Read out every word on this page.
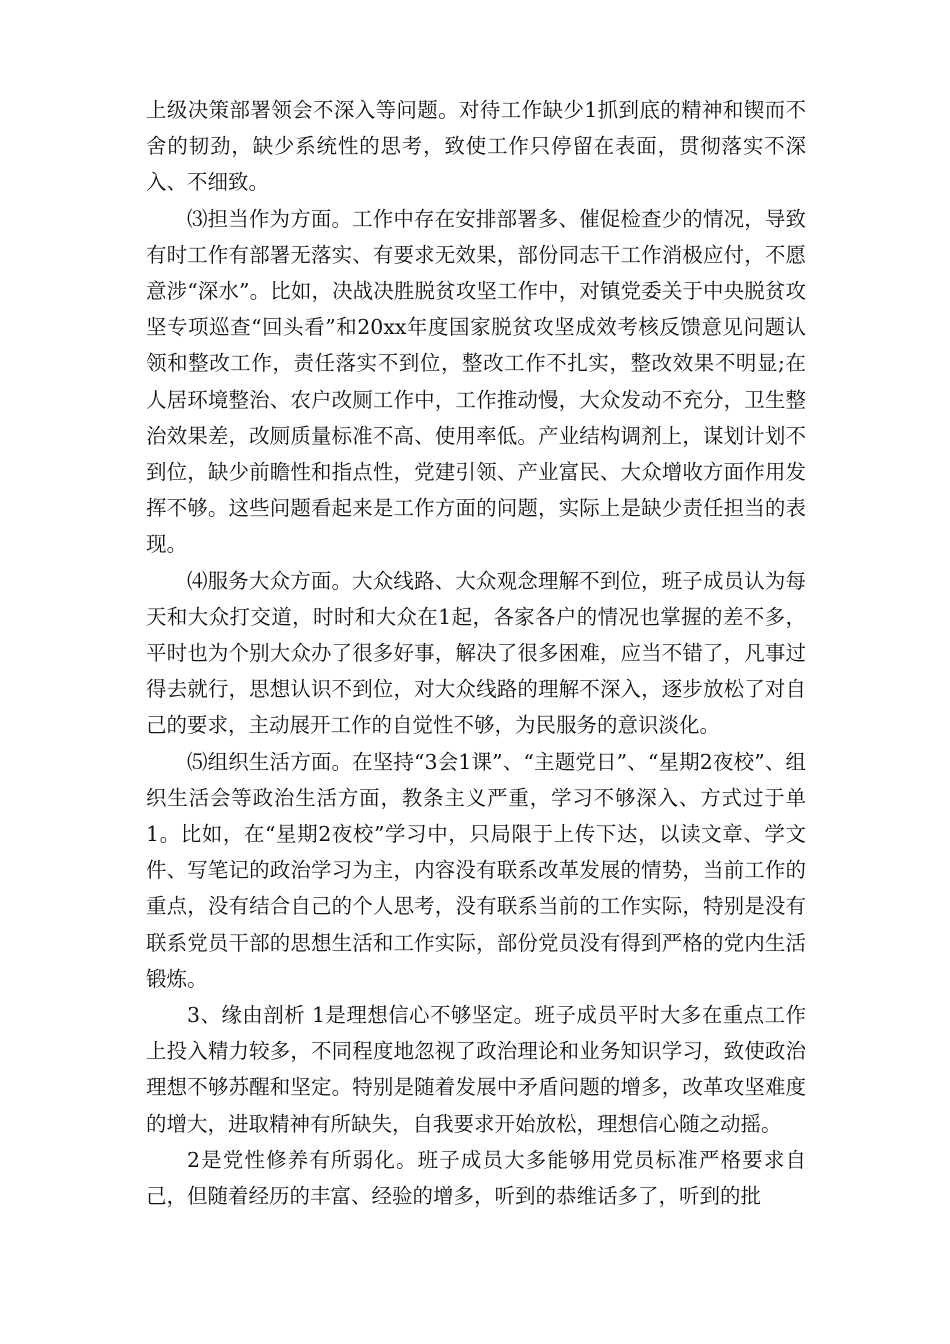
上级决策部署领会不深入等问题。对待工作缺少1抓到底的精神和锲而不舍的韧劲，缺少系统性的思考，致使工作只停留在表面，贯彻落实不深入、不细致。

⑶担当作为方面。工作中存在安排部署多、催促检查少的情况，导致有时工作有部署无落实、有要求无效果，部份同志干工作消极应付，不愿意涉“深水”。比如，决战决胜脱贫攻坚工作中，对镇党委关于中央脱贫攻坚专项巡查“回头看”和20xx年度国家脱贫攻坚成效考核反馈意见问题认领和整改工作，责任落实不到位，整改工作不扎实，整改效果不明显;在人居环境整治、农户改厕工作中，工作推动慢，大众发动不充分，卫生整治效果差，改厕质量标准不高、使用率低。产业结构调剂上，谋划计划不到位，缺少前瞻性和指点性，党建引领、产业富民、大众增收方面作用发挥不够。这些问题看起来是工作方面的问题，实际上是缺少责任担当的表现。

⑷服务大众方面。大众线路、大众观念理解不到位，班子成员认为每天和大众打交道，时时和大众在1起，各家各户的情况也掌握的差不多，平时也为个别大众办了很多好事，解决了很多困难，应当不错了，凡事过得去就行，思想认识不到位，对大众线路的理解不深入，逐步放松了对自己的要求，主动展开工作的自觉性不够，为民服务的意识淡化。

⑸组织生活方面。在坚持“3会1课”、“主题党日”、“星期2夜校”、组织生活会等政治生活方面，教条主义严重，学习不够深入、方式过于单1。比如，在“星期2夜校”学习中，只局限于上传下达，以读文章、学文件、写笔记的政治学习为主，内容没有联系改革发展的情势，当前工作的重点，没有结合自己的个人思考，没有联系当前的工作实际，特别是没有联系党员干部的思想生活和工作实际，部份党员没有得到严格的党内生活锻炼。

3、缘由剖析 1是理想信心不够坚定。班子成员平时大多在重点工作上投入精力较多，不同程度地忽视了政治理论和业务知识学习，致使政治理想不够苏醒和坚定。特别是随着发展中矛盾问题的增多，改革攻坚难度的增大，进取精神有所缺失，自我要求开始放松，理想信心随之动摇。

2是党性修养有所弱化。班子成员大多能够用党员标准严格要求自己，但随着经历的丰富、经验的增多，听到的恭维话多了，听到的批
